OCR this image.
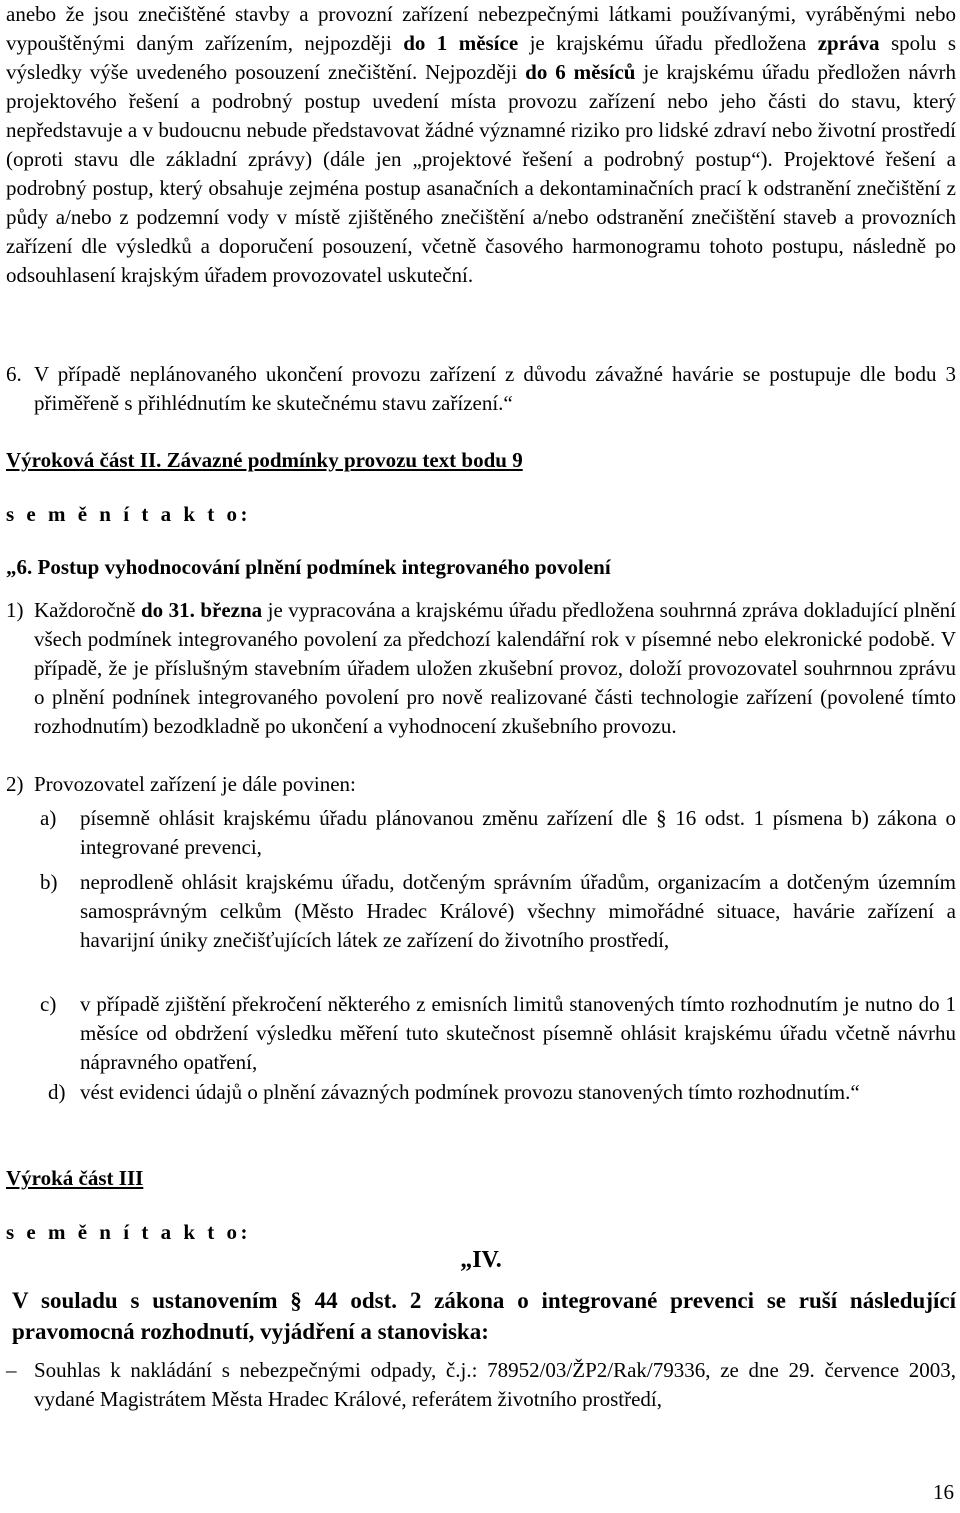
anebo že jsou znečištěné stavby a provozní zařízení nebezpečnými látkami používanými, vyráběnými nebo vypouštěnými daným zařízením, nejpozději do 1 měsíce je krajskému úřadu předložena zpráva spolu s výsledky výše uvedeného posouzení znečištění. Nejpozději do 6 měsíců je krajskému úřadu předložen návrh projektového řešení a podrobný postup uvedení místa provozu zařízení nebo jeho části do stavu, který nepředstavuje a v budoucnu nebude představovat žádné významné riziko pro lidské zdraví nebo životní prostředí (oproti stavu dle základní zprávy) (dále jen „projektové řešení a podrobný postup“). Projektové řešení a podrobný postup, který obsahuje zejména postup asanačních a dekontaminačních prací k odstranění znečištění z půdy a/nebo z podzemní vody v místě zjištěného znečištění a/nebo odstranění znečištění staveb a provozních zařízení dle výsledků a doporučení posouzení, včetně časového harmonogramu tohoto postupu, následně po odsouhlasení krajským úřadem provozovatel uskuteční.

6. V případě neplánovaného ukončení provozu zařízení z důvodu závažné havárie se postupuje dle bodu 3 přiměřeně s přihlédnutím ke skutečnému stavu zařízení.“

Výroková část II. Závazné podmínky provozu text bodu 9

s e m ě n í t a k t o:

„6. Postup vyhodnocování plnění podmínek integrovaného povolení

1) Každoročně do 31. března je vypracována a krajskému úřadu předložena souhrnná zpráva dokladující plnění všech podmínek integrovaného povolení za předchozí kalendářní rok v písemné nebo elekronické podobě. V případě, že je příslušným stavebním úřadem uložen zkušební provoz, doloží provozovatel souhrnnou zprávu o plnění podnínek integrovaného povolení pro nově realizované části technologie zařízení (povolené tímto rozhodnutím) bezodkladně po ukončení a vyhodnocení zkušebního provozu.

2) Provozovatel zařízení je dále povinen:

a) písemně ohlásit krajskému úřadu plánovanou změnu zařízení dle § 16 odst. 1 písmena b) zákona o integrované prevenci,

b) neprodleně ohlásit krajskému úřadu, dotčeným správním úřadům, organizacím a dotčeným územním samosprávným celkům (Město Hradec Králové) všechny mimořádné situace, havárie zařízení a havarijní úniky znečišťujících látek ze zařízení do životního prostředí,

c) v případě zjištění překročení některého z emisních limitů stanovených tímto rozhodnutím je nutno do 1 měsíce od obdržení výsledku měření tuto skutečnost písemně ohlásit krajskému úřadu včetně návrhu nápravného opatření,

d) vést evidenci údajů o plnění závazných podmínek provozu stanovených tímto rozhodnutím.“

Výroká část III

s e m ě n í t a k t o:

„IV.

V souladu s ustanovením § 44 odst. 2 zákona o integrované prevenci se ruší následující pravomocná rozhodnutí, vyjádření a stanoviska:

– Souhlas k nakládání s nebezpečnými odpady, č.j.: 78952/03/ŽP2/Rak/79336, ze dne 29. července 2003, vydané Magistrátem Města Hradec Králové, referátem životního prostředí,

16
